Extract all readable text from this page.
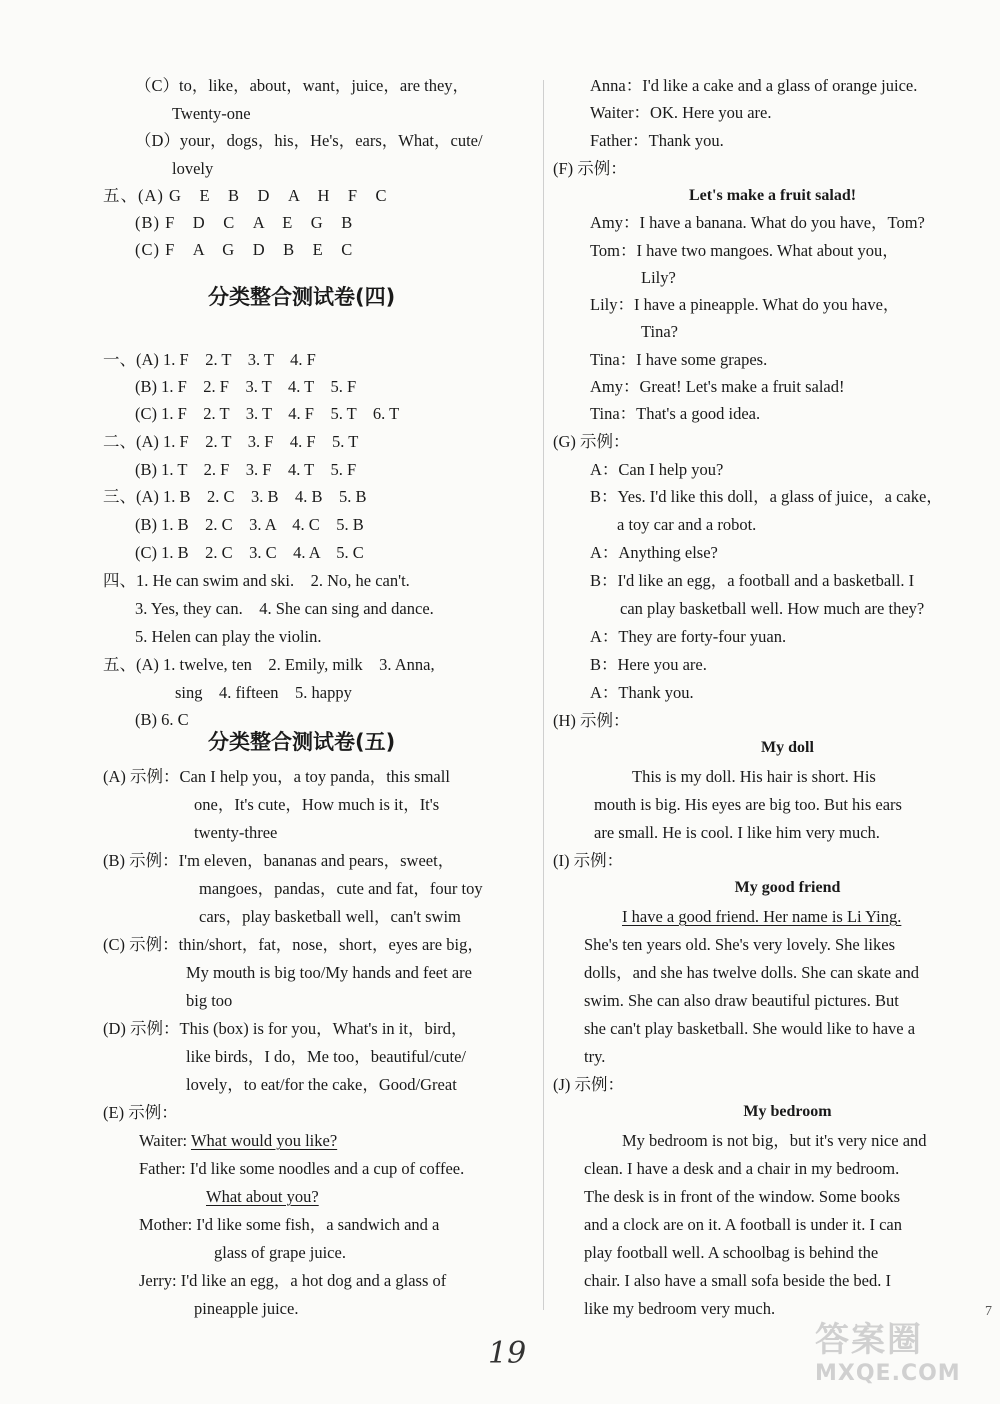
（C）to，like，about，want，juice，are they，
Twenty-one
（D）your，dogs，his，He's，ears，What，cute/
lovely
五、(A) G　E　B　D　A　H　F　C
(B) F　D　C　A　E　G　B
(C) F　A　G　D　B　E　C
分类整合测试卷(四)
一、(A) 1. F　2. T　3. T　4. F
(B) 1. F　2. F　3. T　4. T　5. F
(C) 1. F　2. T　3. T　4. F　5. T　6. T
二、(A) 1. F　2. T　3. F　4. F　5. T
(B) 1. T　2. F　3. F　4. T　5. F
三、(A) 1. B　2. C　3. B　4. B　5. B
(B) 1. B　2. C　3. A　4. C　5. B
(C) 1. B　2. C　3. C　4. A　5. C
四、1. He can swim and ski.　2. No, he can't.
3. Yes, they can.　4. She can sing and dance.
5. Helen can play the violin.
五、(A) 1. twelve, ten　2. Emily, milk　3. Anna,
sing　4. fifteen　5. happy
(B) 6. C
分类整合测试卷(五)
(A) 示例：Can I help you，a toy panda，this small
one，It's cute，How much is it，It's
twenty-three
(B) 示例：I'm eleven，bananas and pears，sweet，
mangoes，pandas，cute and fat，four toy
cars，play basketball well，can't swim
(C) 示例：thin/short，fat，nose，short，eyes are big，
My mouth is big too/My hands and feet are
big too
(D) 示例：This (box) is for you，What's in it，bird，
like birds，I do，Me too，beautiful/cute/
lovely，to eat/for the cake，Good/Great
(E) 示例：
Waiter: What would you like?
Father: I'd like some noodles and a cup of coffee.
What about you?
Mother: I'd like some fish，a sandwich and a
glass of grape juice.
Jerry: I'd like an egg，a hot dog and a glass of
pineapple juice.
Anna：I'd like a cake and a glass of orange juice.
Waiter：OK. Here you are.
Father：Thank you.
(F) 示例：
Let's make a fruit salad!
Amy：I have a banana. What do you have，Tom?
Tom：I have two mangoes. What about you，
Lily?
Lily：I have a pineapple. What do you have，
Tina?
Tina：I have some grapes.
Amy：Great! Let's make a fruit salad!
Tina：That's a good idea.
(G) 示例：
A：Can I help you?
B：Yes. I'd like this doll，a glass of juice，a cake，
a toy car and a robot.
A：Anything else?
B：I'd like an egg，a football and a basketball. I
can play basketball well. How much are they?
A：They are forty-four yuan.
B：Here you are.
A：Thank you.
(H) 示例：
My doll
This is my doll. His hair is short. His
mouth is big. His eyes are big too. But his ears
are small. He is cool. I like him very much.
(I) 示例：
My good friend
I have a good friend. Her name is Li Ying.
She's ten years old. She's very lovely. She likes
dolls，and she has twelve dolls. She can skate and
swim. She can also draw beautiful pictures. But
she can't play basketball. She would like to have a
try.
(J) 示例：
My bedroom
My bedroom is not big，but it's very nice and
clean. I have a desk and a chair in my bedroom.
The desk is in front of the window. Some books
and a clock are on it. A football is under it. I can
play football well. A schoolbag is behind the
chair. I also have a small sofa beside the bed. I
like my bedroom very much.
19
7
答案圈
MXQE.COM
